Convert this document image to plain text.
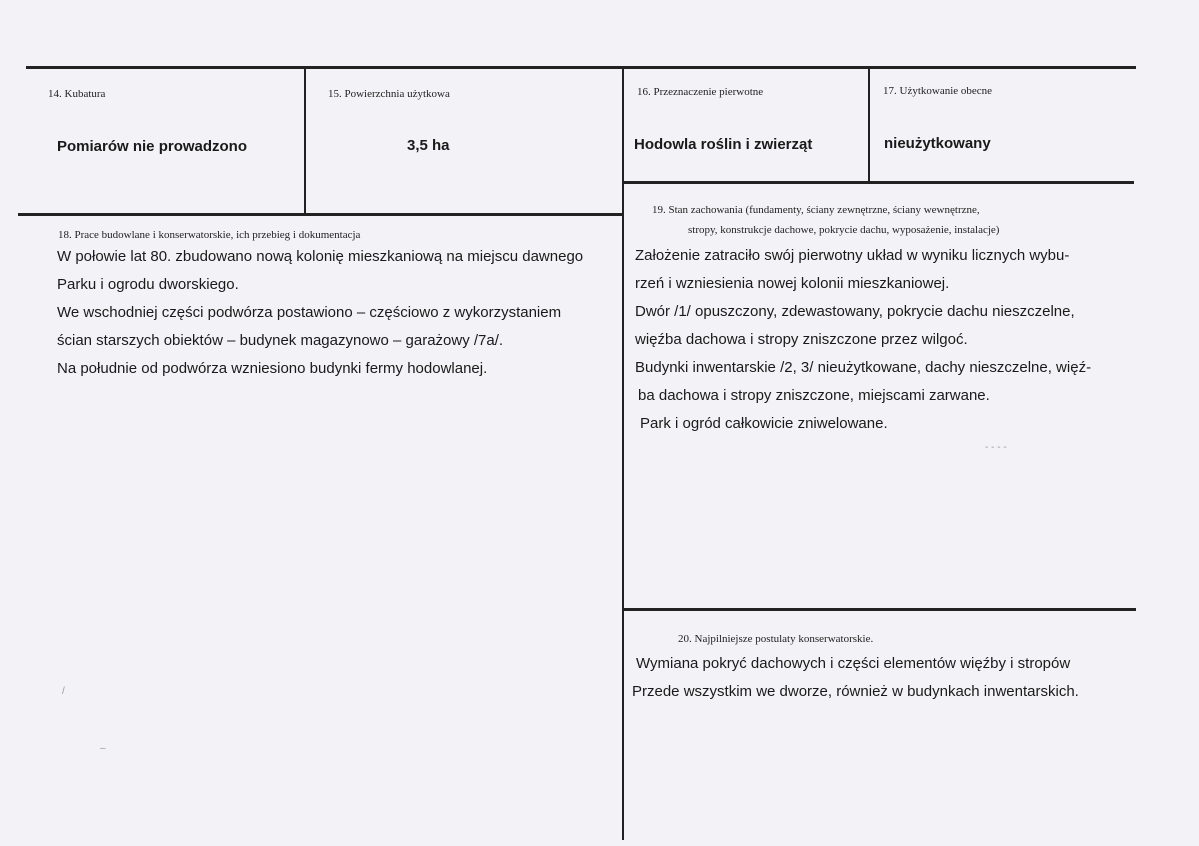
14. Kubatura
Pomiarów nie prowadzono
15. Powierzchnia użytkowa
3,5 ha
16. Przeznaczenie pierwotne
Hodowla roślin i zwierząt
17. Użytkowanie obecne
nieużytkowany
18. Prace budowlane i konserwatorskie, ich przebieg i dokumentacja
W połowie lat 80. zbudowano nową kolonię mieszkaniową na miejscu dawnego
Parku i ogrodu dworskiego.
We wschodniej części podwórza postawiono – częściowo z wykorzystaniem
ścian starszych obiektów – budynek magazynowo – garażowy /7a/.
Na południe od podwórza wzniesiono budynki fermy hodowlanej.
19. Stan zachowania (fundamenty, ściany zewnętrzne, ściany wewnętrzne,
stropy, konstrukcje dachowe, pokrycie dachu, wyposażenie, instalacje)
Założenie zatraciło swój pierwotny układ w wyniku licznych wybu-
rzeń i wzniesienia nowej kolonii mieszkaniowej.
Dwór /1/ opuszczony, zdewastowany, pokrycie dachu nieszczelne,
więźba dachowa i stropy zniszczone przez wilgoć.
Budynki inwentarskie /2, 3/ nieużytkowane, dachy nieszczelne, więź-
ba dachowa i stropy zniszczone, miejscami zarwane.
Park i ogród całkowicie zniwelowane.
20. Najpilniejsze postulaty konserwatorskie.
Wymiana pokryć dachowych i części elementów więźby i stropów
Przede wszystkim we dworze, również w budynkach inwentarskich.
- - - -
/
–
